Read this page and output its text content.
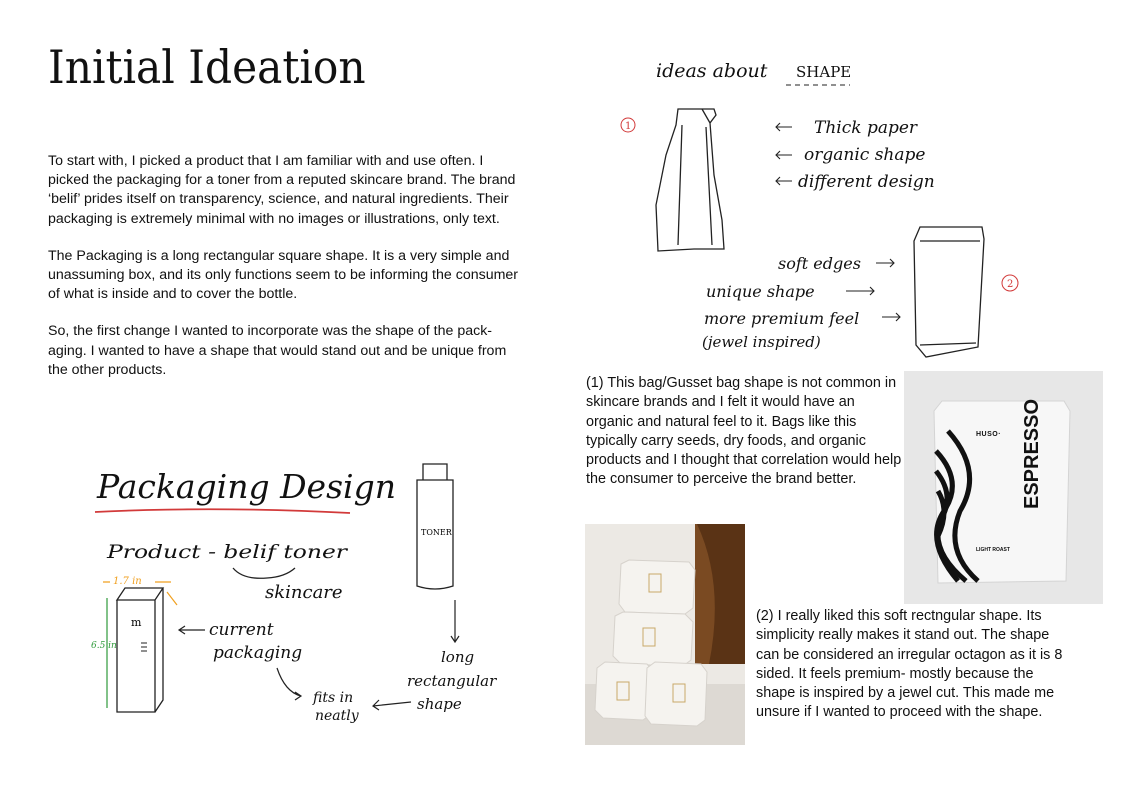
Initial Ideation

To start with, I picked a product that I am familiar with and use often. I picked the packaging for a toner from a reputed skincare brand. The brand ‘belif’ prides itself on transparency, science, and natural ingredients. Their packaging is extremely minimal with no images or illustrations, only text.

The Packaging is a long rectangular square shape. It is a very simple and unassuming box, and its only functions seem to be informing the consumer of what is inside and to cover the bottle.

So, the first change I wanted to incorporate was the shape of the pack-aging. I wanted to have a shape that would stand out and be unique from the other products.

Packaging Design
Product - belif toner
skincare
m
1.7 in
6.5 in
current
packaging
TONER
long
rectangular
shape
fits in
neatly
ideas about SHAPE
1	Thick paper
organic shape
different design
2
soft edges
unique shape
more premium feel
(jewel inspired)
(1) This bag/Gusset bag shape is not common in skincare brands and I felt it would have an organic and natural feel to it. Bags like this typically carry seeds, dry foods, and organic products and I thought that correlation would help the consumer to perceive the brand better.
HUSO·
LIGHT ROAST
(2) I really liked this soft rectngular shape. Its simplicity really makes it stand out. The shape can be considered an irregular octagon as it is 8 sided. It feels premium- mostly because the shape is inspired by a jewel cut. This made me unsure if I wanted to proceed with the shape.
